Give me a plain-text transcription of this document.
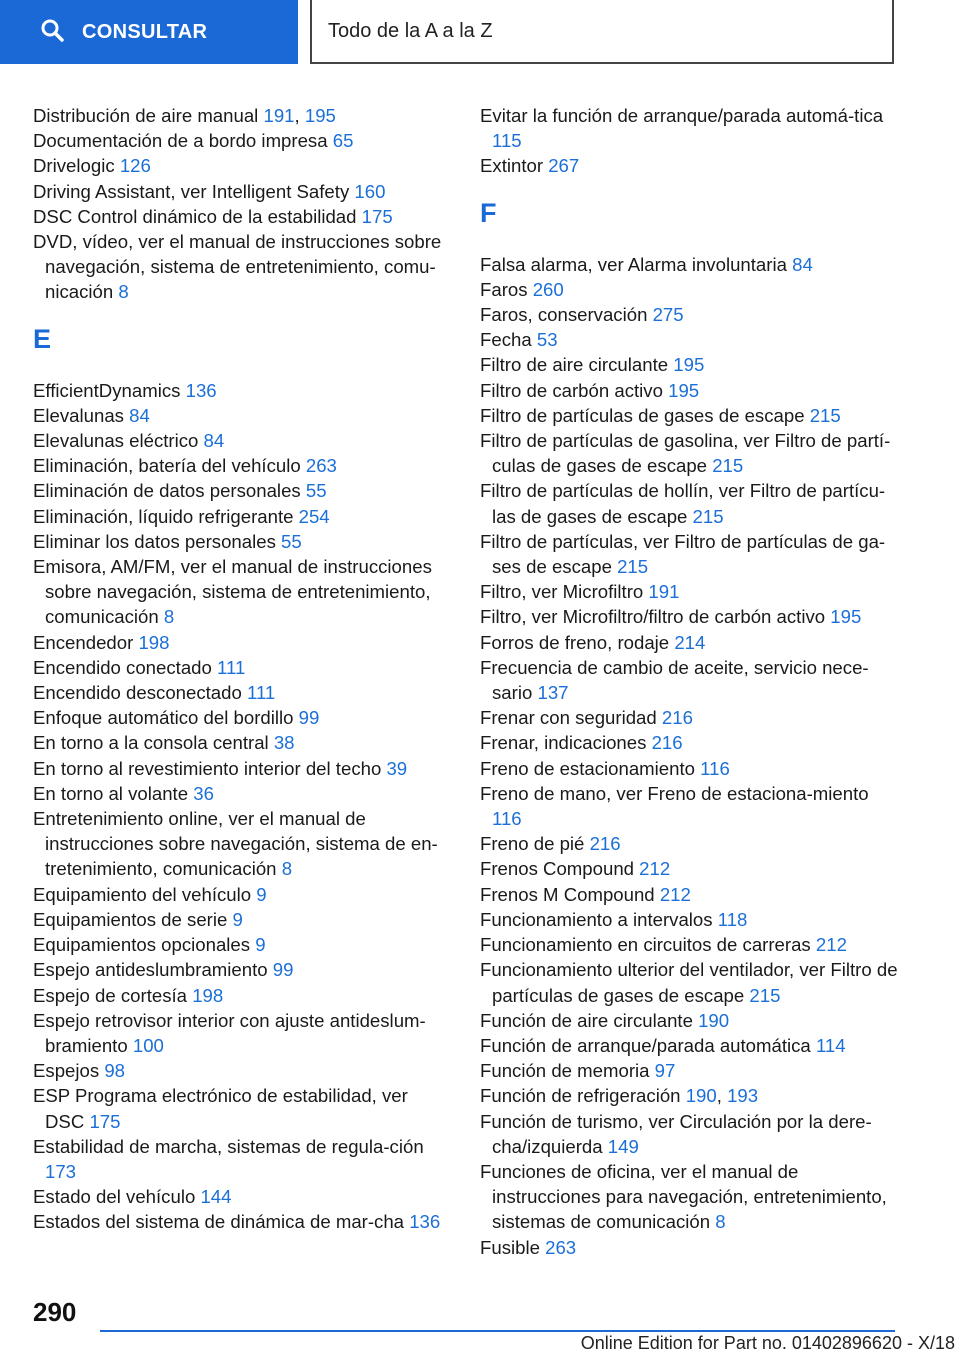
CONSULTAR	Todo de la A a la Z
Distribución de aire manual 191, 195
Documentación de a bordo impresa 65
Drivelogic 126
Driving Assistant, ver Intelligent Safety 160
DSC Control dinámico de la estabilidad 175
DVD, vídeo, ver el manual de instrucciones sobre navegación, sistema de entretenimiento, comu‐nicación 8
E
EfficientDynamics 136
Elevalunas 84
Elevalunas eléctrico 84
Eliminación, batería del vehículo 263
Eliminación de datos personales 55
Eliminación, líquido refrigerante 254
Eliminar los datos personales 55
Emisora, AM/FM, ver el manual de instrucciones sobre navegación, sistema de entretenimiento, comunicación 8
Encendedor 198
Encendido conectado 111
Encendido desconectado 111
Enfoque automático del bordillo 99
En torno a la consola central 38
En torno al revestimiento interior del techo 39
En torno al volante 36
Entretenimiento online, ver el manual de instrucciones sobre navegación, sistema de en‐tretenimiento, comunicación 8
Equipamiento del vehículo 9
Equipamientos de serie 9
Equipamientos opcionales 9
Espejo antideslumbramiento 99
Espejo de cortesía 198
Espejo retrovisor interior con ajuste antideslum‐bramiento 100
Espejos 98
ESP Programa electrónico de estabilidad, ver DSC 175
Estabilidad de marcha, sistemas de regula‐ción 173
Estado del vehículo 144
Estados del sistema de dinámica de mar‐cha 136
Evitar la función de arranque/parada automá‐tica 115
Extintor 267
F
Falsa alarma, ver Alarma involuntaria 84
Faros 260
Faros, conservación 275
Fecha 53
Filtro de aire circulante 195
Filtro de carbón activo 195
Filtro de partículas de gases de escape 215
Filtro de partículas de gasolina, ver Filtro de partí‐culas de gases de escape 215
Filtro de partículas de hollín, ver Filtro de partícu‐las de gases de escape 215
Filtro de partículas, ver Filtro de partículas de ga‐ses de escape 215
Filtro, ver Microfiltro 191
Filtro, ver Microfiltro/filtro de carbón activo 195
Forros de freno, rodaje 214
Frecuencia de cambio de aceite, servicio nece‐sario 137
Frenar con seguridad 216
Frenar, indicaciones 216
Freno de estacionamiento 116
Freno de mano, ver Freno de estaciona‐miento 116
Freno de pié 216
Frenos Compound 212
Frenos M Compound 212
Funcionamiento a intervalos 118
Funcionamiento en circuitos de carreras 212
Funcionamiento ulterior del ventilador, ver Filtro de partículas de gases de escape 215
Función de aire circulante 190
Función de arranque/parada automática 114
Función de memoria 97
Función de refrigeración 190, 193
Función de turismo, ver Circulación por la dere‐cha/izquierda 149
Funciones de oficina, ver el manual de instrucciones para navegación, entretenimiento, sistemas de comunicación 8
Fusible 263
290
Online Edition for Part no. 01402896620 - X/18
